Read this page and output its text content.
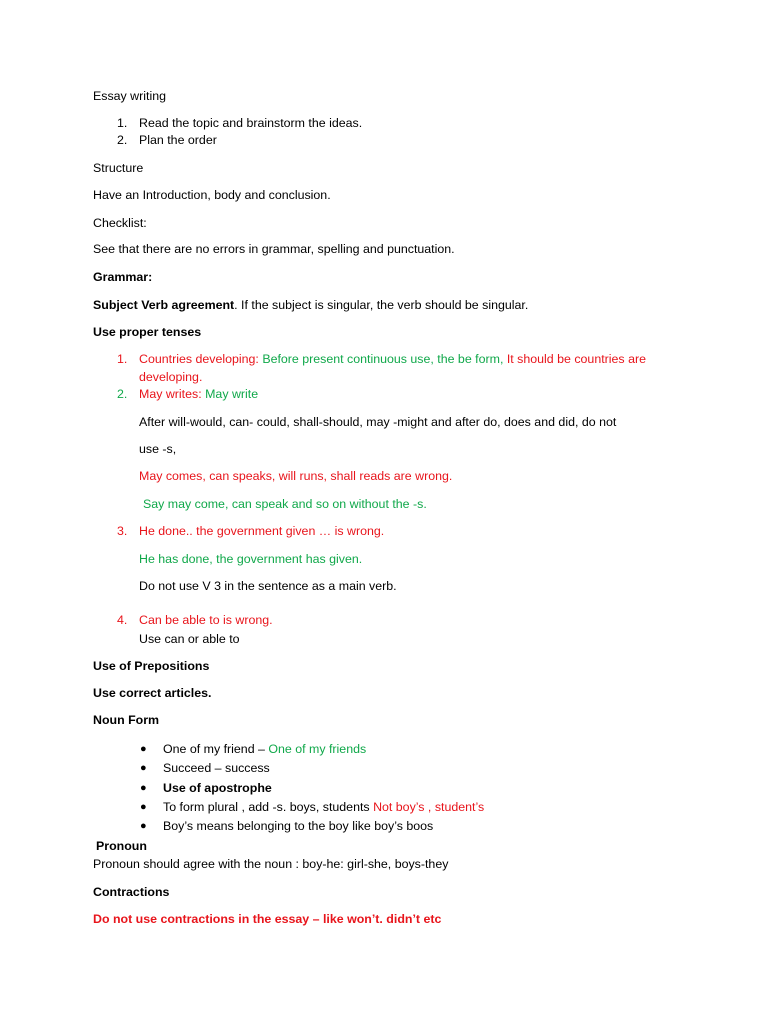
Essay writing
1. Read the topic and brainstorm the ideas.
2. Plan the order
Structure
Have an Introduction, body and conclusion.
Checklist:
See that there are no errors in grammar, spelling and punctuation.
Grammar:
Subject Verb agreement. If the subject is singular, the verb should be singular.
Use proper tenses
1. Countries developing: Before present continuous use, the be form, It should be countries are
developing.
2. May writes: May write
After will-would, can- could, shall-should, may -might and after do, does and did, do not
use -s,
May comes, can speaks, will runs, shall reads are wrong.
Say may come, can speak and so on without the -s.
3. He done.. the government given … is wrong.
He has done, the government has given.
Do not use V 3 in the sentence as a main verb.
4. Can be able to is wrong.
Use can or able to
Use of Prepositions
Use correct articles.
Noun Form
● One of my friend – One of my friends
● Succeed – success
● Use of apostrophe
● To form plural , add -s. boys, students Not boy’s , student’s
● Boy’s means belonging to the boy like boy’s boos
Pronoun
Pronoun should agree with the noun : boy-he: girl-she, boys-they
Contractions
Do not use contractions in the essay – like won’t. didn’t etc
